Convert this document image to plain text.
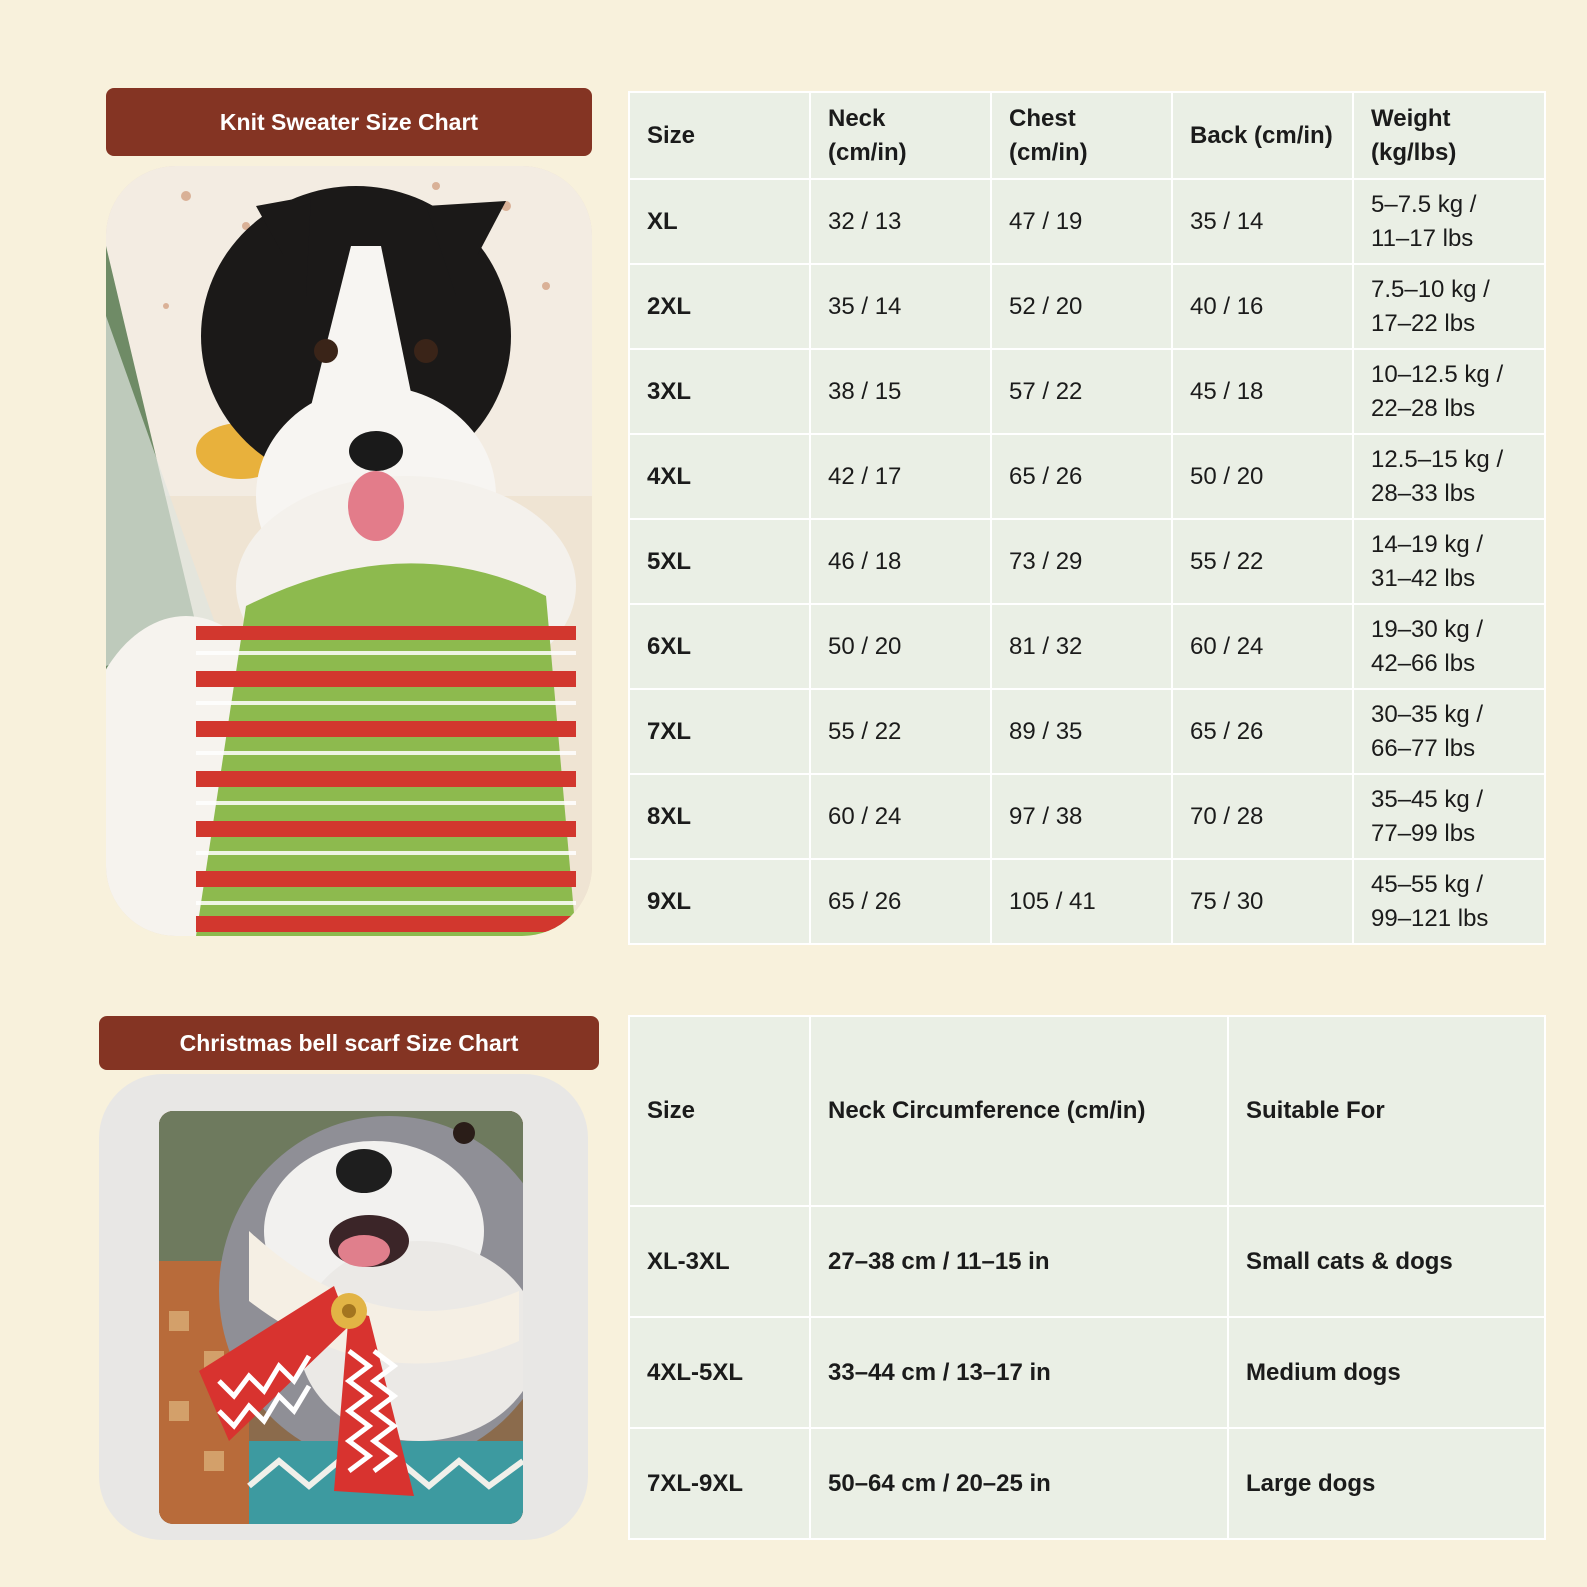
Knit Sweater Size Chart	Size	Neck (cm/in)	Chest (cm/in)	Back (cm/in)	Weight (kg/lbs)
XL	32 / 13	47 / 19	35 / 14	5–7.5 kg /
11–17 lbs
2XL	35 / 14	52 / 20	40 / 16	7.5–10 kg /
17–22 lbs
3XL	38 / 15	57 / 22	45 / 18	10–12.5 kg /
22–28 lbs
4XL	42 / 17	65 / 26	50 / 20	12.5–15 kg /
28–33 lbs
5XL	46 / 18	73 / 29	55 / 22	14–19 kg /
31–42 lbs
6XL	50 / 20	81 / 32	60 / 24	19–30 kg /
42–66 lbs
7XL	55 / 22	89 / 35	65 / 26	30–35 kg /
66–77 lbs
8XL	60 / 24	97 / 38	70 / 28	35–45 kg /
77–99 lbs
9XL	65 / 26	105 / 41	75 / 30	45–55 kg /
99–121 lbs
Christmas bell scarf Size Chart
Size	Neck Circumference (cm/in)	Suitable For
XL-3XL	27–38 cm / 11–15 in	Small cats & dogs
4XL-5XL	33–44 cm / 13–17 in	Medium dogs
7XL-9XL	50–64 cm / 20–25 in	Large dogs
